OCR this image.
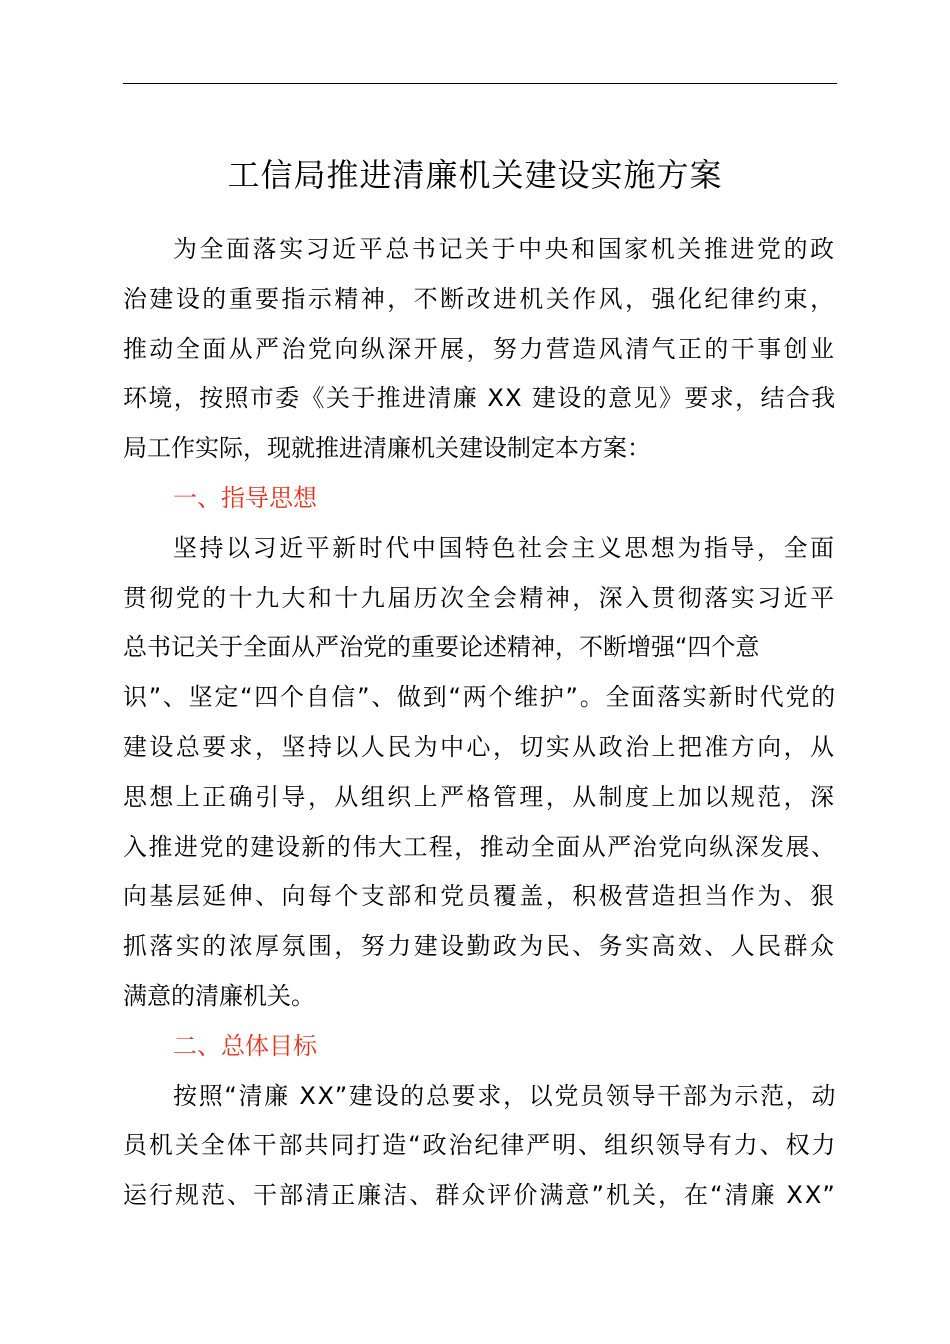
工信局推进清廉机关建设实施方案
为全面落实习近平总书记关于中央和国家机关推进党的政
治建设的重要指示精神，不断改进机关作风，强化纪律约束，
推动全面从严治党向纵深开展，努力营造风清气正的干事创业
环境，按照市委《关于推进清廉 XX 建设的意见》要求，结合我
局工作实际，现就推进清廉机关建设制定本方案：
一、指导思想
坚持以习近平新时代中国特色社会主义思想为指导，全面
贯彻党的十九大和十九届历次全会精神，深入贯彻落实习近平
总书记关于全面从严治党的重要论述精神，不断增强“四个意
识”、坚定“四个自信”、做到“两个维护”。全面落实新时代党的
建设总要求，坚持以人民为中心，切实从政治上把准方向，从
思想上正确引导，从组织上严格管理，从制度上加以规范，深
入推进党的建设新的伟大工程，推动全面从严治党向纵深发展、
向基层延伸、向每个支部和党员覆盖，积极营造担当作为、狠
抓落实的浓厚氛围，努力建设勤政为民、务实高效、人民群众
满意的清廉机关。
二、总体目标
按照“清廉 XX”建设的总要求，以党员领导干部为示范，动
员机关全体干部共同打造“政治纪律严明、组织领导有力、权力
运行规范、干部清正廉洁、群众评价满意”机关，在“清廉 XX”
